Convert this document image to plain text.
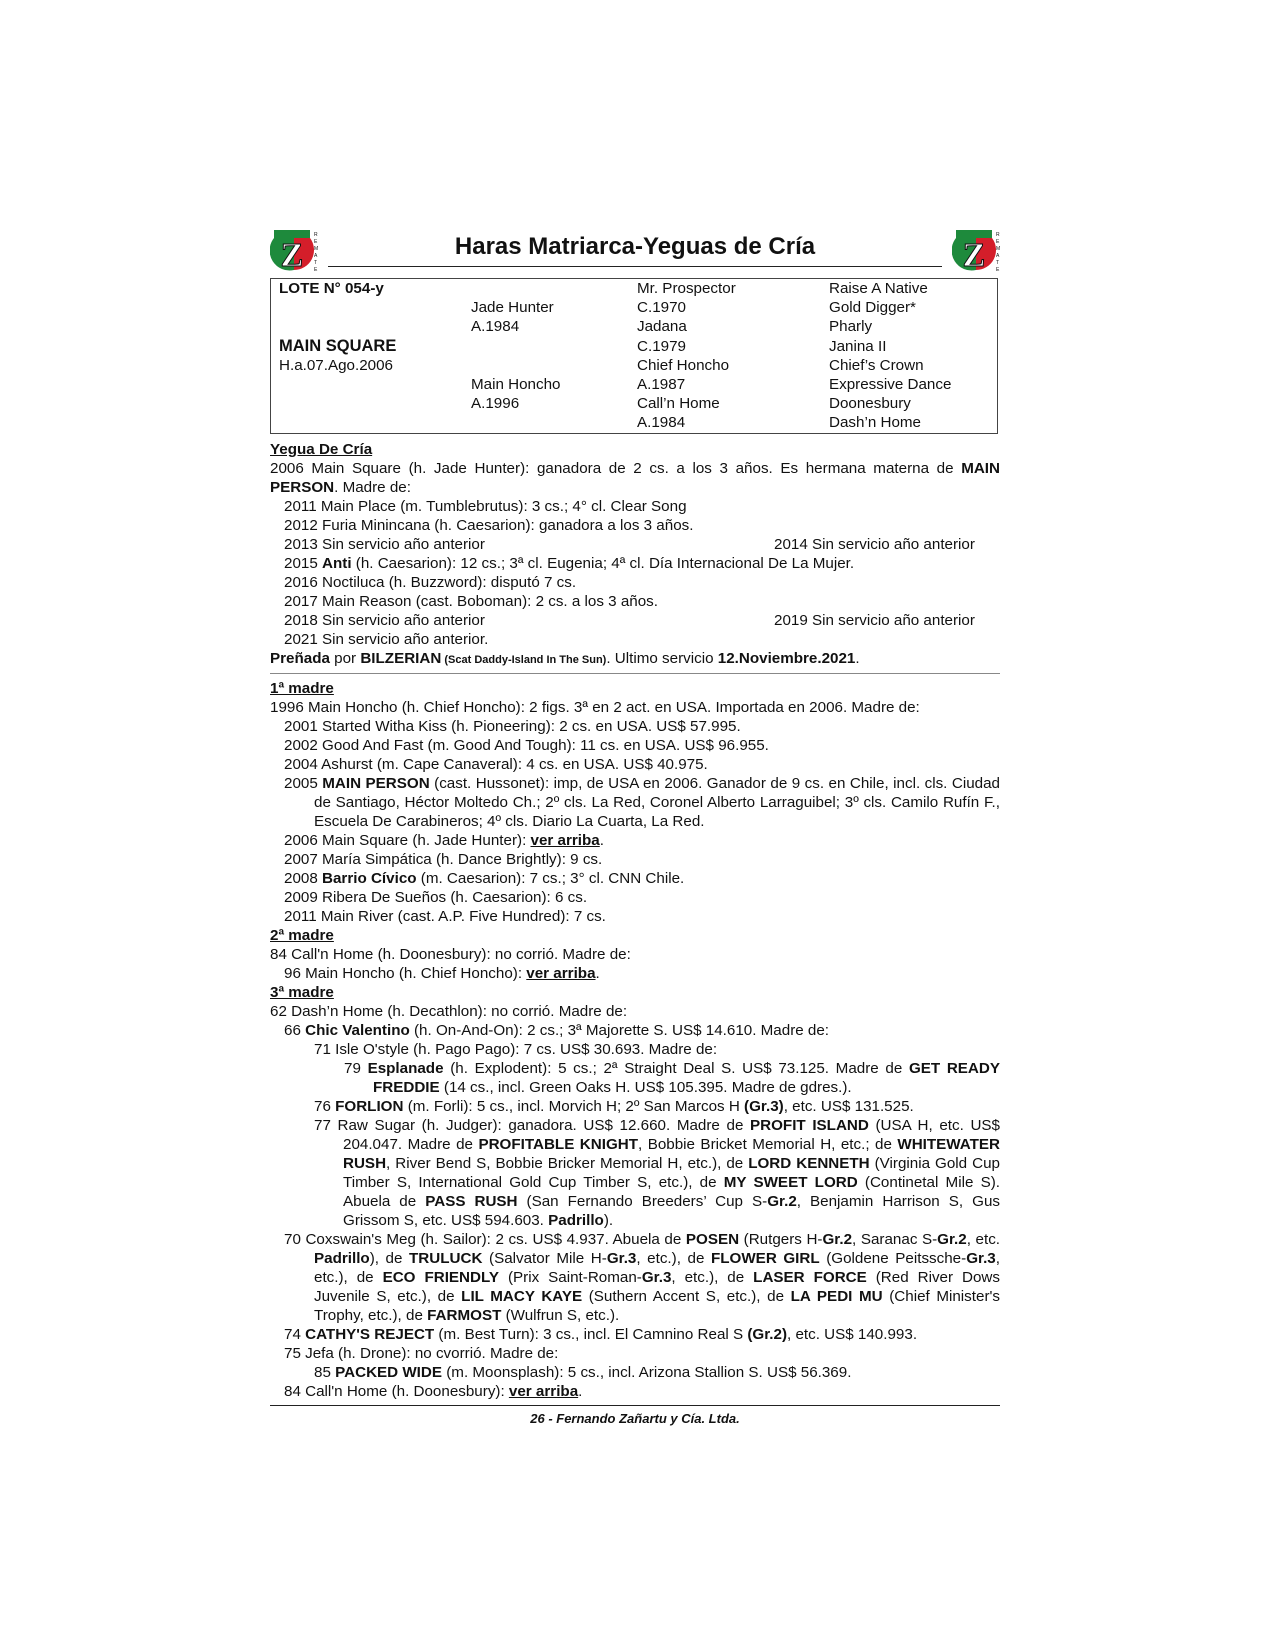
Z
R
E
M
A
T
E
Haras Matriarca-Yeguas de Cría	Z
R
E
M
A
T
E
LOTE N° 054-y		Mr. Prospector	Raise A Native
	Jade Hunter	C.1970	Gold Digger*
	A.1984	Jadana	Pharly
MAIN SQUARE		C.1979	Janina II
H.a.07.Ago.2006		Chief Honcho	Chief’s Crown
	Main Honcho	A.1987	Expressive Dance
	A.1996	Call’n Home	Doonesbury
		A.1984	Dash’n Home
Yegua De Cría
2006 Main Square (h. Jade Hunter): ganadora de 2 cs. a los 3 años. Es hermana materna de MAIN PERSON. Madre de:
2011 Main Place (m. Tumblebrutus): 3 cs.; 4° cl. Clear Song
2012 Furia Minincana (h. Caesarion): ganadora a los 3 años.
2013 Sin servicio año anterior	2014 Sin servicio año anterior
2015 Anti (h. Caesarion): 12 cs.; 3ª cl. Eugenia; 4ª cl. Día Internacional De La Mujer.
2016 Noctiluca (h. Buzzword): disputó 7 cs.
2017 Main Reason (cast. Boboman): 2 cs. a los 3 años.
2018 Sin servicio año anterior	2019 Sin servicio año anterior
2021 Sin servicio año anterior.
Preñada por BILZERIAN (Scat Daddy-Island In The Sun). Ultimo servicio 12.Noviembre.2021.
1ª madre
1996 Main Honcho (h. Chief Honcho): 2 figs. 3ª en 2 act. en USA. Importada en 2006. Madre de:
2001 Started Witha Kiss (h. Pioneering): 2 cs. en USA. US$ 57.995.
2002 Good And Fast (m. Good And Tough): 11 cs. en USA. US$ 96.955.
2004 Ashurst (m. Cape Canaveral): 4 cs. en USA. US$ 40.975.
2005 MAIN PERSON (cast. Hussonet): imp, de USA en 2006. Ganador de 9 cs. en Chile, incl. cls. Ciudad de Santiago, Héctor Moltedo Ch.; 2º cls. La Red, Coronel Alberto Larraguibel; 3º cls. Camilo Rufín F., Escuela De Carabineros; 4º cls. Diario La Cuarta, La Red.
2006 Main Square (h. Jade Hunter): ver arriba.
2007 María Simpática (h. Dance Brightly): 9 cs.
2008 Barrio Cívico (m. Caesarion): 7 cs.; 3° cl. CNN Chile.
2009 Ribera De Sueños (h. Caesarion): 6 cs.
2011 Main River (cast. A.P. Five Hundred): 7 cs.
2ª madre
84 Call'n Home (h. Doonesbury): no corrió. Madre de:
96 Main Honcho (h. Chief Honcho): ver arriba.
3ª madre
62 Dash’n Home (h. Decathlon): no corrió. Madre de:
66 Chic Valentino (h. On-And-On): 2 cs.; 3ª Majorette S. US$ 14.610. Madre de:
71 Isle O'style (h. Pago Pago): 7 cs. US$ 30.693. Madre de:
79 Esplanade (h. Explodent): 5 cs.; 2ª Straight Deal S. US$ 73.125. Madre de GET READY FREDDIE (14 cs., incl. Green Oaks H. US$ 105.395. Madre de gdres.).
76 FORLION (m. Forli): 5 cs., incl. Morvich H; 2º San Marcos H (Gr.3), etc. US$ 131.525.
77 Raw Sugar (h. Judger): ganadora. US$ 12.660. Madre de PROFIT ISLAND (USA H, etc. US$ 204.047. Madre de PROFITABLE KNIGHT, Bobbie Bricket Memorial H, etc.; de WHITEWATER RUSH, River Bend S, Bobbie Bricker Memorial H, etc.), de LORD KENNETH (Virginia Gold Cup Timber S, International Gold Cup Timber S, etc.), de MY SWEET LORD (Continetal Mile S). Abuela de PASS RUSH (San Fernando Breeders’ Cup S-Gr.2, Benjamin Harrison S, Gus Grissom S, etc. US$ 594.603. Padrillo).
70 Coxswain's Meg (h. Sailor): 2 cs. US$ 4.937. Abuela de POSEN (Rutgers H-Gr.2, Saranac S-Gr.2, etc. Padrillo), de TRULUCK (Salvator Mile H-Gr.3, etc.), de FLOWER GIRL (Goldene Peitssche-Gr.3, etc.), de ECO FRIENDLY (Prix Saint-Roman-Gr.3, etc.), de LASER FORCE (Red River Dows Juvenile S, etc.), de LIL MACY KAYE (Suthern Accent S, etc.), de LA PEDI MU (Chief Minister's Trophy, etc.), de FARMOST (Wulfrun S, etc.).
74 CATHY'S REJECT (m. Best Turn): 3 cs., incl. El Camnino Real S (Gr.2), etc. US$ 140.993.
75 Jefa (h. Drone): no cvorrió. Madre de:
85 PACKED WIDE (m. Moonsplash): 5 cs., incl. Arizona Stallion S. US$ 56.369.
84 Call'n Home (h. Doonesbury): ver arriba.
26 - Fernando Zañartu y Cía. Ltda.
